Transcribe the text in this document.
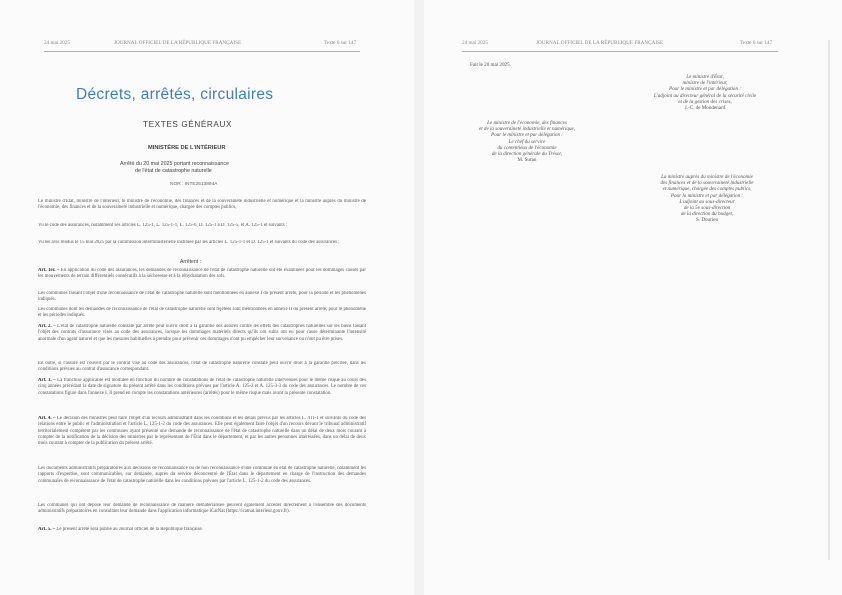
24 mai 2025	JOURNAL OFFICIEL DE LA RÉPUBLIQUE FRANÇAISE	Texte 6 sur 147
Décrets, arrêtés, circulaires
TEXTES GÉNÉRAUX
MINISTÈRE DE L'INTÉRIEUR
Arrêté du 20 mai 2025 portant reconnaissance
de l'état de catastrophe naturelle
NOR : INTE2513894A
Le ministre d'État, ministre de l'intérieur, le ministre de l'économie, des finances et de la souveraineté industrielle et numérique et la ministre auprès du ministre de l'économie, des finances et de la souveraineté industrielle et numérique, chargée des comptes publics,
Vu le code des assurances, notamment ses articles L. 125-1, L. 125-1-1, L. 125-6, D. 125-1 à D. 125-5, et A. 125-1 et suivants ;
Vu les avis rendus le 15 mai 2025 par la commission interministérielle instituée par les articles L. 125-1-1 et D. 125-1 et suivants du code des assurances ;
Arrêtent :
Art. 1er. – En application du code des assurances, les demandes de reconnaissance de l'état de catastrophe naturelle ont été examinées pour les dommages causés par les mouvements de terrain différentiels consécutifs à la sécheresse et à la réhydratation des sols.
Les communes faisant l'objet d'une reconnaissance de l'état de catastrophe naturelle sont mentionnées en annexe I du présent arrêté, pour la période et les phénomènes indiqués.
Les communes dont les demandes de reconnaissance de l'état de catastrophe naturelle sont rejetées sont mentionnées en annexe II du présent arrêté, pour le phénomène et les périodes indiqués.
Art. 2. – L'état de catastrophe naturelle constaté par arrêté peut ouvrir droit à la garantie des assurés contre les effets des catastrophes naturelles sur les biens faisant l'objet des contrats d'assurance visés au code des assurances, lorsque les dommages matériels directs qu'ils ont subis ont eu pour cause déterminante l'intensité anormale d'un agent naturel et que les mesures habituelles à prendre pour prévenir ces dommages n'ont pu empêcher leur survenance ou n'ont pu être prises.
En outre, si l'assuré est couvert par le contrat visé au code des assurances, l'état de catastrophe naturelle constaté peut ouvrir droit à la garantie précitée, dans les conditions prévues au contrat d'assurance correspondant.
Art. 3. – La franchise applicable est modulée en fonction du nombre de constatations de l'état de catastrophe naturelle intervenues pour le même risque au cours des cinq années précédant la date de signature du présent arrêté dans les conditions prévues par l'article A. 125-2 et A. 125-3-3 du code des assurances. Le nombre de ces constatations figure dans l'annexe I. Il prend en compte les constatations antérieures (arrêtés) pour le même risque mais avant la présente constatation.
Art. 4. – Le décision des ministres peut faire l'objet d'un recours administratif dans les conditions et les délais prévus par les articles L. 411-1 et suivants du code des relations entre le public et l'administration et l'article L. 125-1-2 du code des assurances. Elle peut également faire l'objet d'un recours devant le tribunal administratif territorialement compétent par les communes ayant présenté une demande de reconnaissance de l'état de catastrophe naturelle dans un délai de deux mois courant à compter de la notification de la décision des ministres par le représentant de l'État dans le département, et par les autres personnes intéressées, dans un délai de deux mois courant à compter de la publication du présent arrêté.
Les documents administratifs préparatoires aux décisions de reconnaissance ou de non reconnaissance d'une commune en état de catastrophe naturelle, notamment les rapports d'expertise, sont communicables, sur demande, auprès du service déconcentré de l'État dans le département en charge de l'instruction des demandes communales de reconnaissance de l'état de catastrophe naturelle dans les conditions prévues par l'article L. 125-1-2 du code des assurances.
Les communes qui ont déposé leur demande de reconnaissance de manière dématérialisée peuvent également accéder directement à l'ensemble des documents administratifs préparatoires en consultant leur demande dans l'application informatique iCatNat (https://icatnat.interieur.gouv.fr).
Art. 5. – Le présent arrêté sera publié au Journal officiel de la République française.
24 mai 2025	JOURNAL OFFICIEL DE LA RÉPUBLIQUE FRANÇAISE	Texte 6 sur 147
Fait le 20 mai 2025.
Le ministre d'État,
ministre de l'intérieur,
Pour le ministre et par délégation :
L'adjoint au directeur général de la sécurité civile
et de la gestion des crises,
J.-C. de Mondenard
Le ministre de l'économie, des finances
et de la souveraineté industrielle et numérique,
Pour le ministre et par délégation :
Le chef du service
du contentieux de l'économie
de la direction générale du Trésor,
M. Suran
La ministre auprès du ministre de l'économie
des finances et de la souveraineté industrielle
et numérique, chargée des comptes publics,
Pour la ministre et par délégation :
L'adjoint au sous-directeur
de la 5e sous-direction
de la direction du budget,
S. Dourieu
